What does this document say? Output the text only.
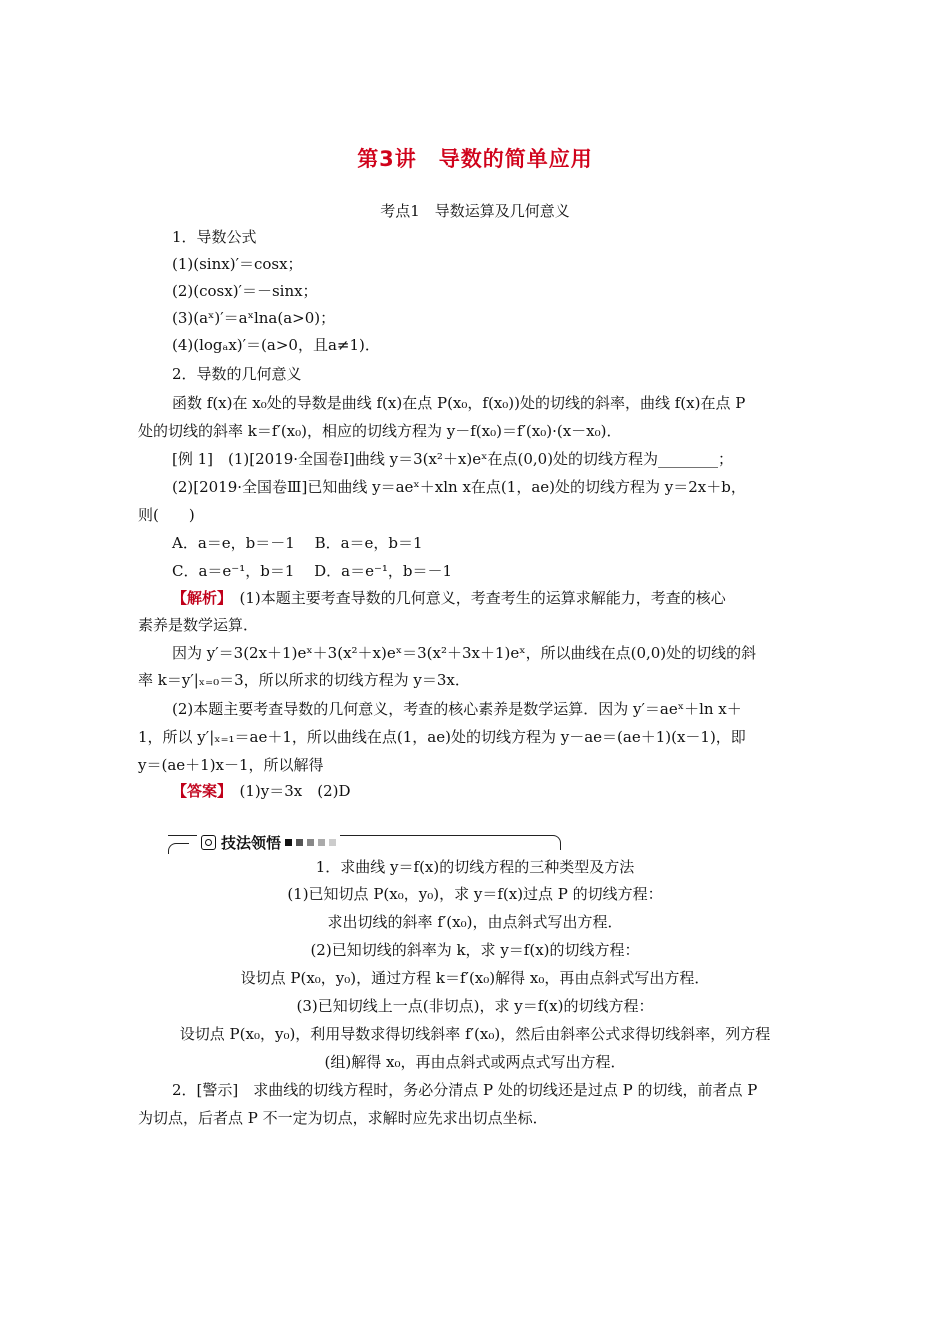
第3讲　导数的简单应用
考点1　导数运算及几何意义
1．导数公式
(1)(sinx)′＝cosx；
(2)(cosx)′＝－sinx；
(3)(aˣ)′＝aˣlna(a>0)；
(4)(logₐx)′＝(a>0，且a≠1)．
2．导数的几何意义
函数 f(x)在 x₀处的导数是曲线 f(x)在点 P(x₀，f(x₀))处的切线的斜率，曲线 f(x)在点 P
处的切线的斜率 k＝f′(x₀)，相应的切线方程为 y－f(x₀)＝f′(x₀)·(x－x₀)．
[例 1]　(1)[2019·全国卷Ⅰ]曲线 y＝3(x²＋x)eˣ在点(0,0)处的切线方程为________；
(2)[2019·全国卷Ⅲ]已知曲线 y＝aeˣ＋xln x在点(1，ae)处的切线方程为 y＝2x＋b，
则(　　)
A．a＝e，b＝－1　 B．a＝e，b＝1
C．a＝e⁻¹，b＝1　 D．a＝e⁻¹，b＝－1
【解析】　(1)本题主要考查导数的几何意义，考查考生的运算求解能力，考查的核心
素养是数学运算．
因为 y′＝3(2x＋1)eˣ＋3(x²＋x)eˣ＝3(x²＋3x＋1)eˣ，所以曲线在点(0,0)处的切线的斜
率 k＝y′|ₓ₌₀＝3，所以所求的切线方程为 y＝3x．
(2)本题主要考查导数的几何意义，考查的核心素养是数学运算．因为 y′＝aeˣ＋ln x＋
1，所以 y′|ₓ₌₁＝ae＋1，所以曲线在点(1，ae)处的切线方程为 y－ae＝(ae＋1)(x－1)，即
y＝(ae＋1)x－1，所以解得
【答案】　(1)y＝3x　(2)D
技法领悟
1．求曲线 y＝f(x)的切线方程的三种类型及方法
(1)已知切点 P(x₀，y₀)，求 y＝f(x)过点 P 的切线方程：
求出切线的斜率 f′(x₀)，由点斜式写出方程．
(2)已知切线的斜率为 k，求 y＝f(x)的切线方程：
设切点 P(x₀，y₀)，通过方程 k＝f′(x₀)解得 x₀，再由点斜式写出方程．
(3)已知切线上一点(非切点)，求 y＝f(x)的切线方程：
设切点 P(x₀，y₀)，利用导数求得切线斜率 f′(x₀)，然后由斜率公式求得切线斜率，列方程
(组)解得 x₀，再由点斜式或两点式写出方程．
2．[警示]　求曲线的切线方程时，务必分清点 P 处的切线还是过点 P 的切线，前者点 P
为切点，后者点 P 不一定为切点，求解时应先求出切点坐标．
